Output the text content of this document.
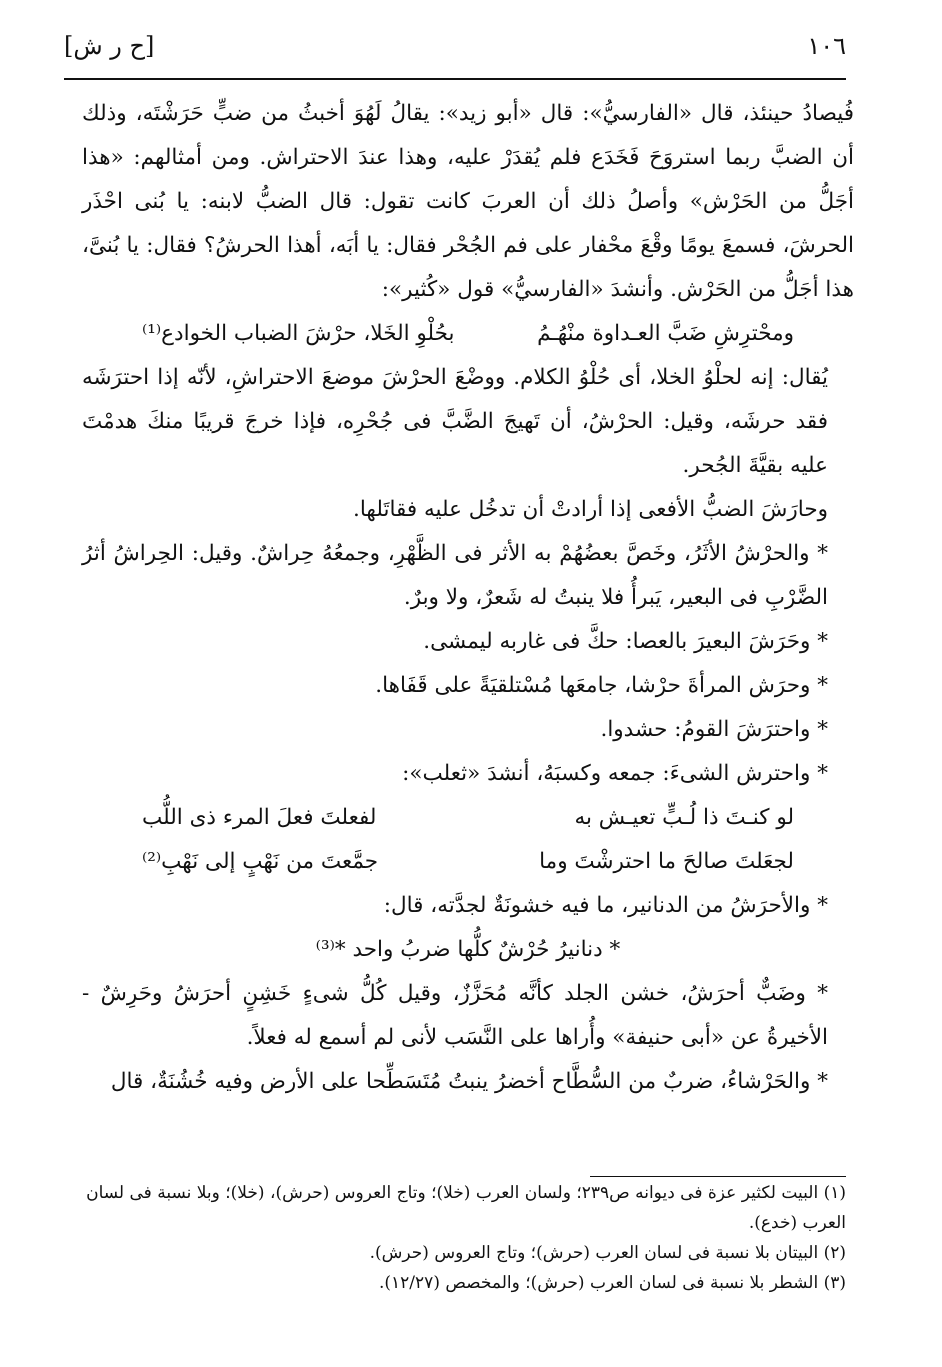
[ح ر ش]	١٠٦

فُيصادُ حينئذ، قال «الفارسيُّ»: قال «أبو زيد»: يقالُ لَهُوَ أخبثُ من ضبٍّ حَرَشْتَه، وذلك أن الضبَّ ربما استروَحَ فَخَدَع فلم يُقدَرْ عليه، وهذا عندَ الاحتراش. ومن أمثالهم: «هذا أجَلُّ من الحَرْش» وأصلُ ذلك أن العربَ كانت تقول: قال الضبُّ لابنه: يا بُنى احْذَر الحرشَ، فسمعَ يومًا وقْعَ محْفار على فم الجُحْر فقال: يا أبَه، أهذا الحرشُ؟ فقال: يا بُنىَّ، هذا أجَلُّ من الحَرْش. وأنشدَ «الفارسيُّ» قول «كُثير»:

ومحْترِشِ ضَبَّ العـداوة منْهُـمُ
بحُلْوِ الخَلا، حرْشَ الضباب الخوادع⁽¹⁾

يُقال: إنه لحلْوُ الخلا، أى حُلْوُ الكلام. ووضْعَ الحرْشَ موضعَ الاحتراشِ، لأنّه إذا احترَشَه فقد حرشَه، وقيل: الحرْشُ، أن تَهيجَ الضَّبَّ فى جُحْرِه، فإذا خرجَ قريبًا منكَ هدمْتَ عليه بقيَّةَ الجُحر.

وحارَشَ الضبُّ الأفعى إذا أرادتْ أن تدخُل عليه فقاتَلها.

* والحرْشُ الأثَرُ، وخَصَّ بعضُهُمْ به الأثر فى الظَّهْرِ، وجمعُهُ حِراشٌ. وقيل: الحِراشُ أثرُ الضَّرْبِ فى البعير، يَبرأُ فلا ينبتُ له شَعرٌ، ولا وبرٌ.

* وحَرَشَ البعيرَ بالعصا: حكَّ فى غاربه ليمشى.

* وحرَش المرأةَ حرْشا، جامعَها مُسْتلقيَةً على قَفَاها.

* واحترَشَ القومُ: حشدوا.

* واحترش الشىءَ: جمعه وكسبَهُ، أنشدَ «ثعلب»:

لو كنـتَ ذا لُـبٍّ تعيـش به
لفعلتَ فعلَ المرء ذى اللُّب
لجعَلتَ صالحَ ما احترشْتَ وما
جمَّعتَ من نَهْبٍ إلى نَهْبِ⁽²⁾

* والأحرَشُ من الدنانير، ما فيه خشونَةٌ لجدَّته، قال:

* دنانيرُ حُرْشٌ كلُّها ضربُ واحد *⁽³⁾

* وضَبٌّ أحرَشُ، خشن الجلد كأنَّه مُحَزَّزٌ، وقيل كُلُّ شىءٍ خَشِنٍ أحرَشُ وحَرِشٌ - الأخيرةُ عن «أبى حنيفة» وأُراها على النَّسَب لأنى لم أسمع له فعلاً.

* والحَرْشاءُ، ضربٌ من السُّطَّاح أخضرُ ينبتُ مُتَسَطِّحا على الأرض وفيه خُشُنَةٌ، قال

(١) البيت لكثير عزة فى ديوانه ص٢٣٩؛ ولسان العرب (خلا)؛ وتاج العروس (حرش)، (خلا)؛ وبلا نسبة فى لسان العرب (خدع).

(٢) البيتان بلا نسبة فى لسان العرب (حرش)؛ وتاج العروس (حرش).

(٣) الشطر بلا نسبة فى لسان العرب (حرش)؛ والمخصص (١٢/٢٧).
